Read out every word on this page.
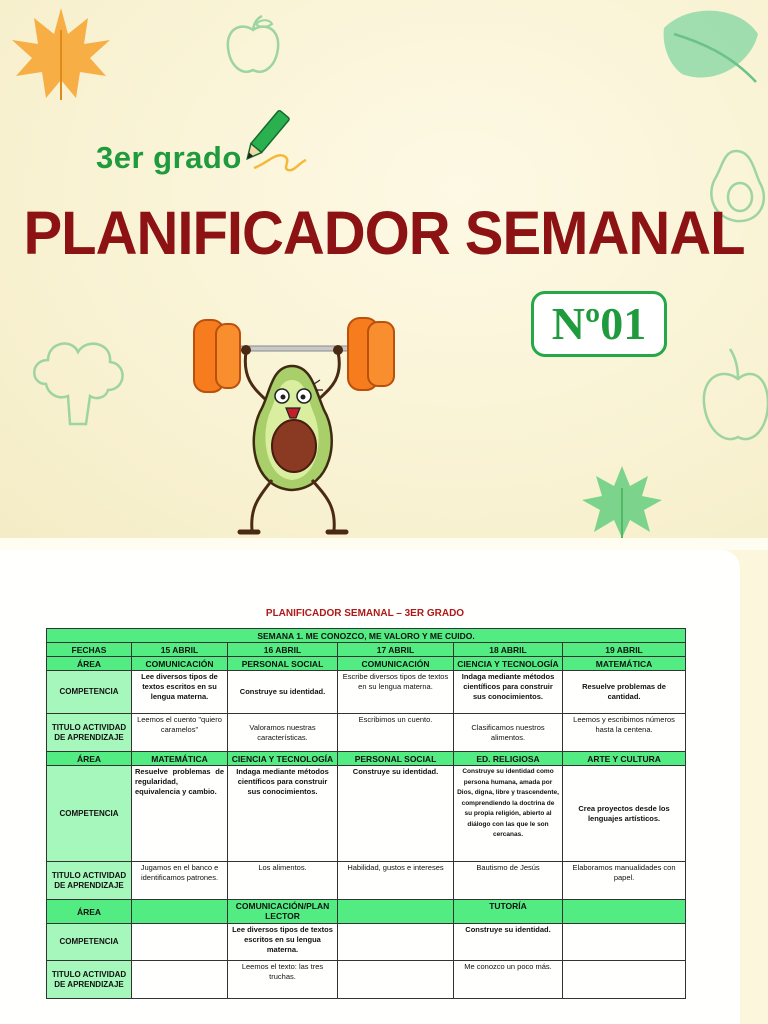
3er grado
PLANIFICADOR SEMANAL
Nº01
PLANIFICADOR SEMANAL – 3ER GRADO
SEMANA 1. ME CONOZCO, ME VALORO Y ME CUIDO.					
FECHAS	15 ABRIL	16 ABRIL	17 ABRIL	18 ABRIL	19 ABRIL
ÁREA	COMUNICACIÓN	PERSONAL SOCIAL	COMUNICACIÓN	CIENCIA Y TECNOLOGÍA	MATEMÁTICA
COMPETENCIA	Lee diversos tipos de textos escritos en su lengua materna.	Construye su identidad.	Escribe diversos tipos de textos en su lengua materna.	Indaga mediante métodos científicos para construir sus conocimientos.	Resuelve problemas de cantidad.
TITULO ACTIVIDAD DE APRENDIZAJE	Leemos el cuento "quiero caramelos"	Valoramos nuestras características.	Escribimos un cuento.	Clasificamos nuestros alimentos.	Leemos y escribimos números hasta la centena.
ÁREA	MATEMÁTICA	CIENCIA Y TECNOLOGÍA	PERSONAL SOCIAL	ED. RELIGIOSA	ARTE Y CULTURA
COMPETENCIA	Resuelve problemas de regularidad, equivalencia y cambio.	Indaga mediante métodos científicos para construir sus conocimientos.	Construye su identidad.	Construye su identidad como persona humana, amada por Dios, digna, libre y trascendente, comprendiendo la doctrina de su propia religión, abierto al diálogo con las que le son cercanas.	Crea proyectos desde los lenguajes artísticos.
TITULO ACTIVIDAD DE APRENDIZAJE	Jugamos en el banco e identificamos patrones.	Los alimentos.	Habilidad, gustos e intereses	Bautismo de Jesús	Elaboramos manualidades con papel.
ÁREA		COMUNICACIÓN/PLAN LECTOR		TUTORÍA	
COMPETENCIA		Lee diversos tipos de textos escritos en su lengua materna.		Construye su identidad.	
TITULO ACTIVIDAD DE APRENDIZAJE		Leemos el texto: las tres truchas.		Me conozco un poco más.	
